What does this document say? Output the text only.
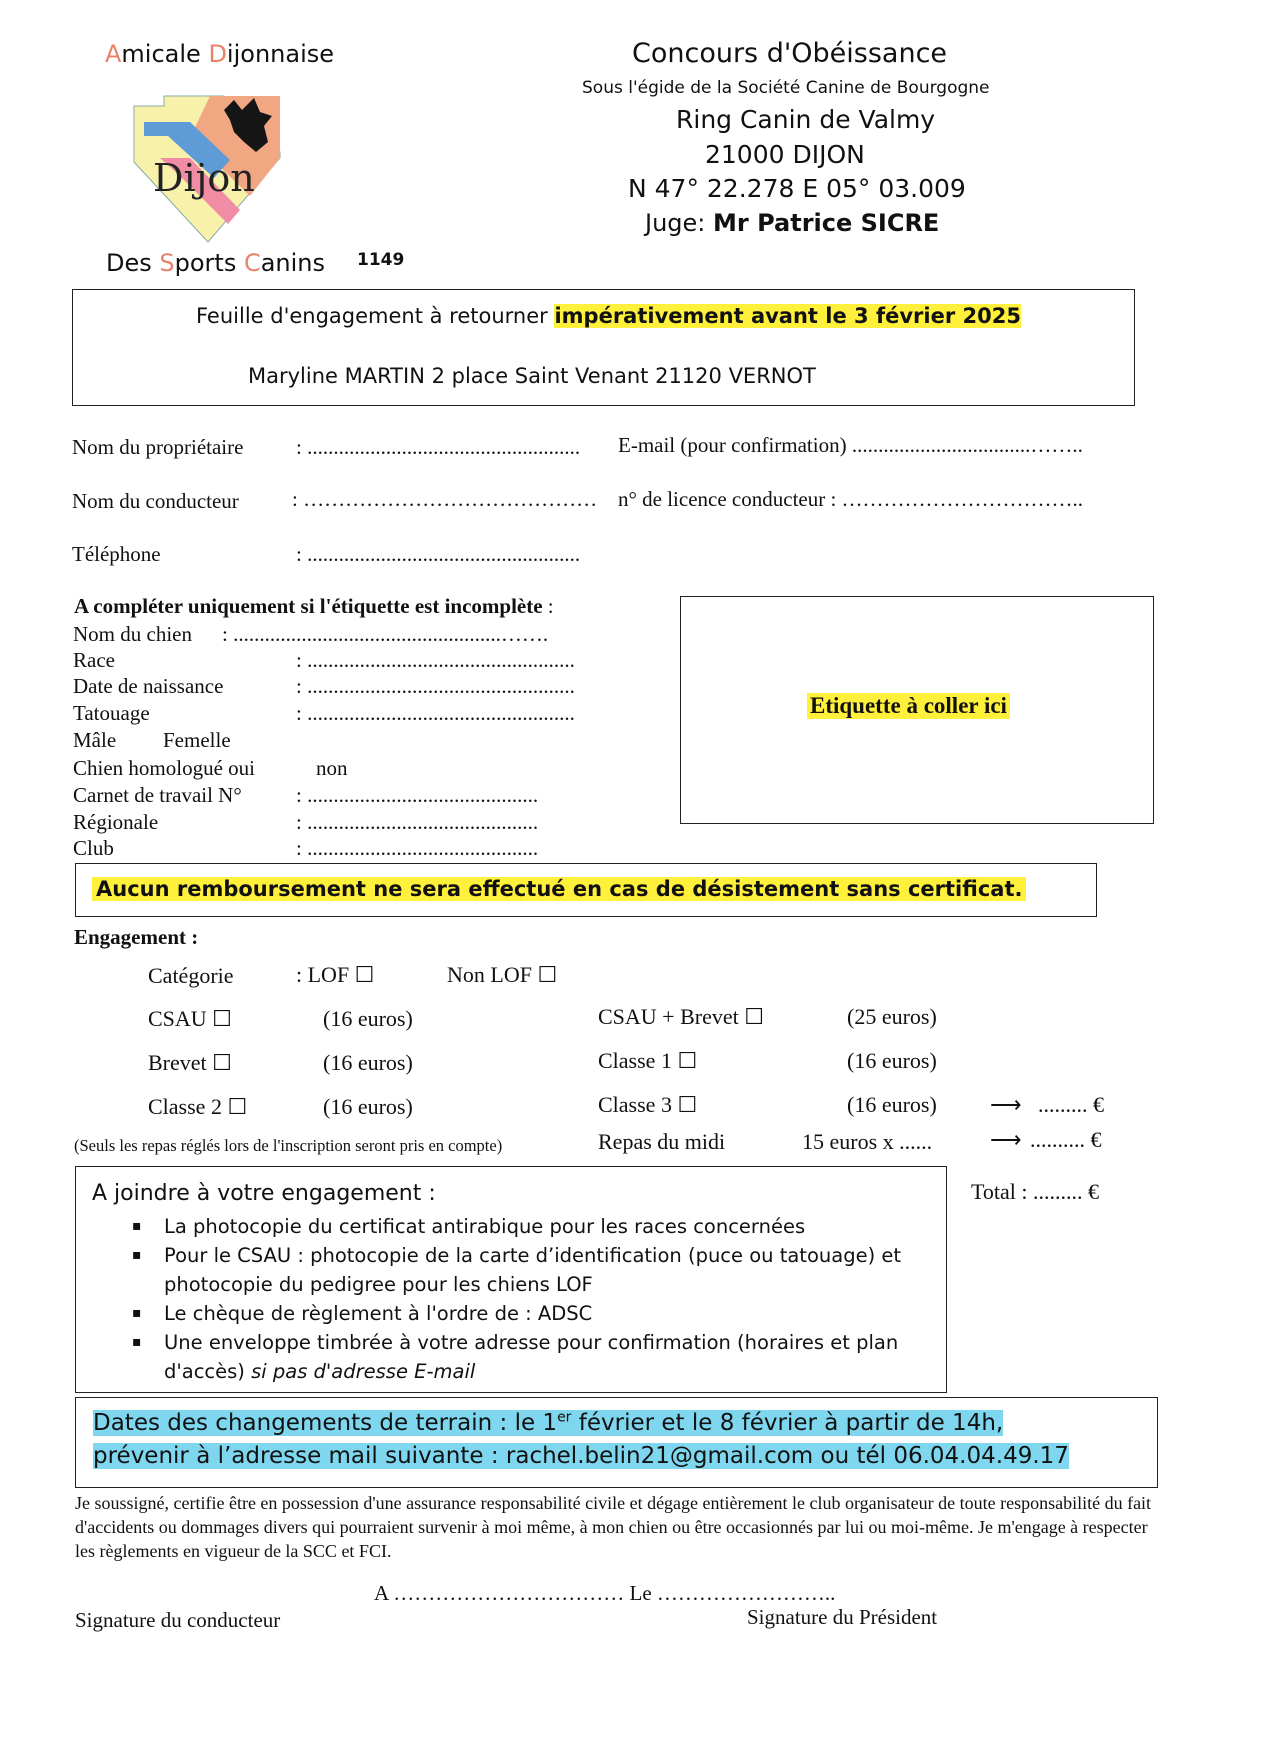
Amicale Dijonnaise
Dijon
Des Sports Canins 1149
Concours d'Obéissance
Sous l'égide de la Société Canine de Bourgogne
Ring Canin de Valmy
21000 DIJON
N 47° 22.278 E 05° 03.009
Juge: Mr Patrice SICRE
Feuille d'engagement à retourner impérativement avant le 3 février 2025
Maryline MARTIN 2 place Saint Venant 21120 VERNOT
Nom du propriétaire	: .................................................... E-mail (pour confirmation) ..................................……..
Nom du conducteur	: …………………………………… n° de licence conducteur : ……………………………..
Téléphone	: ....................................................
A compléter uniquement si l'étiquette est incomplète :
Nom du chien : ...................................................…….
Race	: ...................................................
Date de naissance	: ...................................................
Tatouage	: ...................................................
Mâle Femelle
Chien homologué oui	non
Carnet de travail N°	: ............................................
Régionale	: ............................................
Club	: ............................................
Etiquette à coller ici
Aucun remboursement ne sera effectué en cas de désistement sans certificat.
Engagement :
Catégorie	: LOF ☐	Non LOF ☐
CSAU ☐	(16 euros)	CSAU + Brevet ☐	(25 euros)
Brevet ☐	(16 euros)	Classe 1 ☐	(16 euros)
Classe 2 ☐	(16 euros)	Classe 3 ☐	(16 euros) ⟶ ......... €
(Seuls les repas réglés lors de l'inscription seront pris en compte)	Repas du midi	15 euros x ......	⟶ .......... €
Total : ......... €
A joindre à votre engagement :
▪ La photocopie du certificat antirabique pour les races concernées
▪ Pour le CSAU : photocopie de la carte d’identification (puce ou tatouage) et photocopie du pedigree pour les chiens LOF
▪ Le chèque de règlement à l'ordre de : ADSC
▪ Une enveloppe timbrée à votre adresse pour confirmation (horaires et plan d'accès) si pas d'adresse E-mail
Dates des changements de terrain : le 1er février et le 8 février à partir de 14h,
prévenir à l’adresse mail suivante : rachel.belin21@gmail.com ou tél 06.04.04.49.17
Je soussigné, certifie être en possession d'une assurance responsabilité civile et dégage entièrement le club organisateur de toute responsabilité du fait d'accidents ou dommages divers qui pourraient survenir à moi même, à mon chien ou être occasionnés par lui ou moi-même. Je m'engage à respecter les règlements en vigueur de la SCC et FCI.
A …………………………… Le ……………………..
Signature du conducteur	Signature du Président
